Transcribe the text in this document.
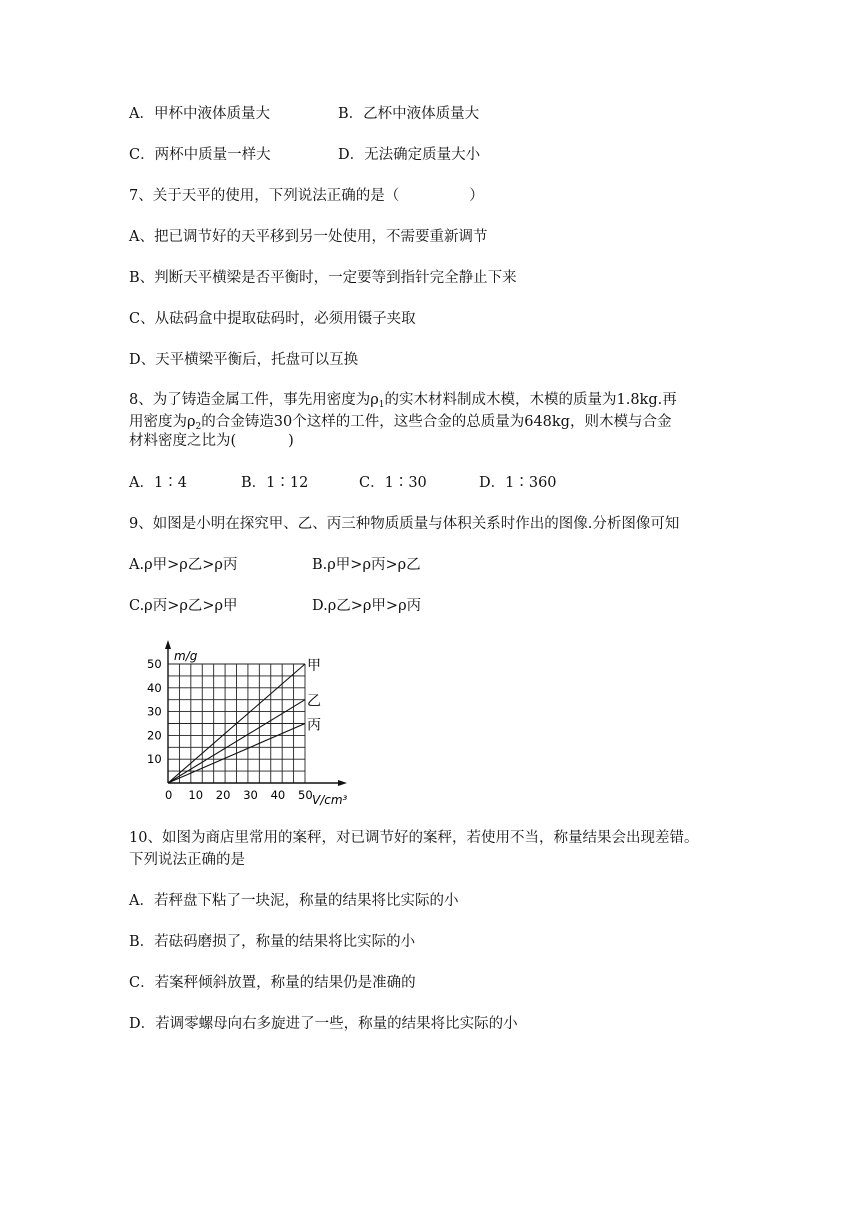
A．甲杯中液体质量大	B．乙杯中液体质量大
C．两杯中质量一样大	D．无法确定质量大小
7、关于天平的使用，下列说法正确的是（	）
A、把已调节好的天平移到另一处使用，不需要重新调节
B、判断天平横梁是否平衡时，一定要等到指针完全静止下来
C、从砝码盒中提取砝码时，必须用镊子夹取
D、天平横梁平衡后，托盘可以互换
8、为了铸造金属工件，事先用密度为$\rho_1$的实木材料制成木模，木模的质量为1.8kg.再
用密度为$\rho_2$的合金铸造30个这样的工件，这些合金的总质量为648kg，则木模与合金
材料密度之比为(	)
A．1∶4	B．1∶12	C．1∶30	D．1∶360
9、如图是小明在探究甲、乙、丙三种物质质量与体积关系时作出的图像.分析图像可知
A.ρ甲>ρ乙>ρ丙	B.ρ甲>ρ丙>ρ乙
C.ρ丙>ρ乙>ρ甲	D.ρ乙>ρ甲>ρ丙
0 10 20 30 40 50
10
20
30
40
50	甲
乙
丙
m/g
V/cm³
10、如图为商店里常用的案秤，对已调节好的案秤，若使用不当，称量结果会出现差错。
下列说法正确的是
A．若秤盘下粘了一块泥，称量的结果将比实际的小
B．若砝码磨损了，称量的结果将比实际的小
C．若案秤倾斜放置，称量的结果仍是准确的
D．若调零螺母向右多旋进了一些，称量的结果将比实际的小
